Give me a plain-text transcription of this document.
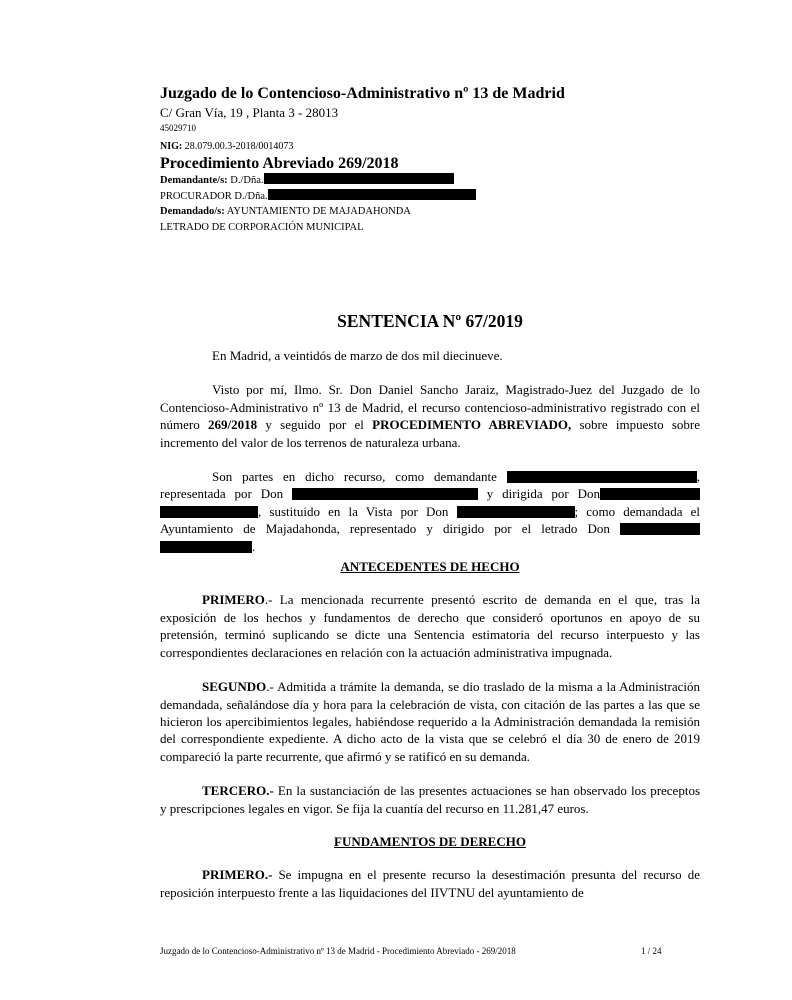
Juzgado de lo Contencioso-Administrativo nº 13 de Madrid
C/ Gran Vía, 19 , Planta 3 - 28013
45029710
NIG: 28.079.00.3-2018/0014073
Procedimiento Abreviado 269/2018
Demandante/s: D./Dña.
PROCURADOR D./Dña.
Demandado/s: AYUNTAMIENTO DE MAJADAHONDA
LETRADO DE CORPORACIÓN MUNICIPAL
SENTENCIA Nº 67/2019

En Madrid, a veintidós de marzo de dos mil diecinueve.

Visto por mí, Ilmo. Sr. Don Daniel Sancho Jaraiz, Magistrado-Juez del Juzgado de lo Contencioso-Administrativo nº 13 de Madrid, el recurso contencioso-administrativo registrado con el número 269/2018 y seguido por el PROCEDIMENTO ABREVIADO, sobre impuesto sobre incremento del valor de los terrenos de naturaleza urbana.

Son partes en dicho recurso, como demandante	, representada por Don	y dirigida por Don , sustituido en la Vista por Don	; como demandada el Ayuntamiento de Majadahonda, representado y dirigido por el letrado Don  .

ANTECEDENTES DE HECHO

PRIMERO.- La mencionada recurrente presentó escrito de demanda en el que, tras la exposición de los hechos y fundamentos de derecho que consideró oportunos en apoyo de su pretensión, terminó suplicando se dicte una Sentencia estimatoria del recurso interpuesto y las correspondientes declaraciones en relación con la actuación administrativa impugnada.

SEGUNDO.- Admitida a trámite la demanda, se dio traslado de la misma a la Administración demandada, señalándose día y hora para la celebración de vista, con citación de las partes a las que se hicieron los apercibimientos legales, habiéndose requerido a la Administración demandada la remisión del correspondiente expediente. A dicho acto de la vista que se celebró el día 30 de enero de 2019 compareció la parte recurrente, que afirmó y se ratificó en su demanda.

TERCERO.- En la sustanciación de las presentes actuaciones se han observado los preceptos y prescripciones legales en vigor. Se fija la cuantía del recurso en 11.281,47 euros.

FUNDAMENTOS DE DERECHO

PRIMERO.- Se impugna en el presente recurso la desestimación presunta del recurso de reposición interpuesto frente a las liquidaciones del IIVTNU del ayuntamiento de

Juzgado de lo Contencioso-Administrativo nº 13 de Madrid - Procedimiento Abreviado - 269/2018	1 / 24
